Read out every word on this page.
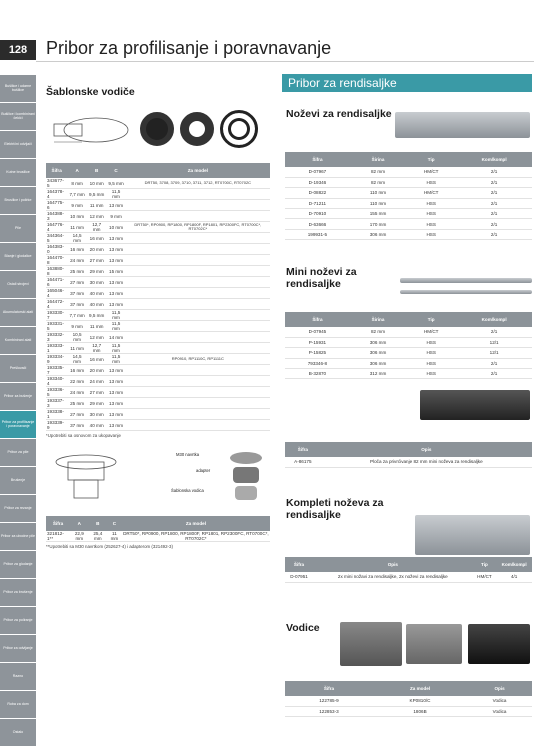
128	Pribor za profilisanje i poravnavanje
Bušilice i udarne bušilice
Bušilice i kombinirani čekići
Električni odvijači
Kutne brusilice
Brusilice i polirke
Pile
Blanje i glodalice
Ostali strojevi
Akumulatorski alati
Kombinirani alati
Prešlovači
Pribor za bušenje
Pribor za profilisanje i poravnavanje
Pribor za pile
Brušenje
Pribor za rezanje
Pribor za ubodne pile
Pribor za glodanje
Pribor za brušenje
Pribor za poliranje
Pribor za odvijanje
Razno
Roba za dom
Ostalo
Šablonske vodiče
Šifra	A	B	C	Za model
343677-5	8 mm	10 mm	9,5 mm	DRT50, 3708, 3709, 3710, 3711, 3712, RT0700C, RT0702C
164378-4	7,7 mm	9,5 mm	11,5 mm	
164775-6	9 mm	11 mm	13 mm	
164388-3	10 mm	12 mm	9 mm	
164776-4	11 mm	12,7 mm	10 mm	DRT50*, RP0900, RP1800, RP1800F, RP1801, RP2300FC, RT0700C*, RT0702C*
344364-5	14,5 mm	16 mm	13 mm	
164383-0	16 mm	20 mm	13 mm	
164470-8	24 mm	27 mm	13 mm	
163880-8	25 mm	29 mm	15 mm	
164471-6	27 mm	30 mm	13 mm	
165046-4	37 mm	40 mm	13 mm	
164472-4	37 mm	40 mm	13 mm	
193330-7	7,7 mm	9,5 mm	11,5 mm	
193331-5	9 mm	11 mm	11,5 mm	
193332-3	10,5 mm	12 mm	14 mm	
193333-1	11 mm	12,7 mm	11,5 mm	
193334-9	14,5 mm	16 mm	11,5 mm	RP0910, RP1110C, RP1111C
193335-7	16 mm	20 mm	13 mm	
193340-4	22 mm	24 mm	13 mm	
193336-5	24 mm	27 mm	13 mm	
193337-3	25 mm	29 mm	13 mm	
193338-1	27 mm	30 mm	13 mm	
193339-9	37 mm	40 mm	13 mm	
*Upotrebiti sa osnovom za ukopavanje
M30 navrtka
adapter
Šablonska vodica
Šifra	A	B	C	Za model
321812-1**	22,9 mm	25,4 mm	11 mm	DRT50*, RP0900, RP1800, RP1800F, RP1801, RP2300FC, RT0700C*, RT0702C*
**Upotrebiti sa M30 navrtkom (252627-4) i adapterom (321492-3)
Pribor za rendisaljke
Noževi za rendisaljke
Šifra	Širina	Tip	Kom/kompl
D-07967	82 mm	HM/CT	2/1
D-19346	82 mm	HSS	2/1
D-08822	110 mm	HM/CT	2/1
D-71211	110 mm	HSS	2/1
D-70910	155 mm	HSS	2/1
D-63666	170 mm	HSS	2/1
199931-5	306 mm	HSS	2/1
Mini noževi za rendisaljke
Šifra	Širina	Tip	Kom/kompl
D-07945	82 mm	HM/CT	2/1
P-15931	306 mm	HSS	12/1
P-15825	306 mm	HSS	12/1
793346-8	306 mm	HSS	2/1
B-32870	312 mm	HSS	2/1
Šifra	Opis
A-86175	Ploča za privrćivanje 82 mm mini noževa za rendisaljke
Kompleti noževa za rendisaljke
Šifra	Opis	Tip	Kom/kompl
D-07951	2x mini nožavi za rendisaljke, 2x noževi za rendisaljke	HM/CT	4/1
Vodice
Šifra	Za model	Opis
122785-9	KP0810/C	Vodica
122853-3	1806B	Vodica
